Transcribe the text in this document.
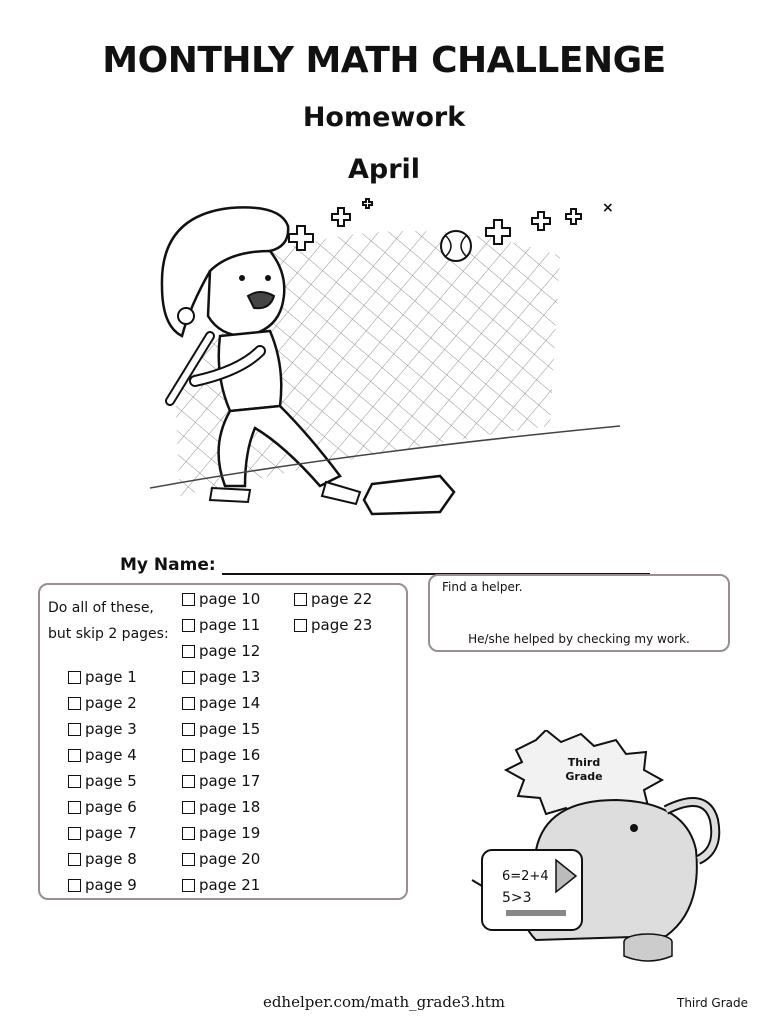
MONTHLY MATH CHALLENGE
Homework
April
×
My Name:
Do all of these,
but skip 2 pages:
page 1
page 2
page 3
page 4
page 5
page 6
page 7
page 8
page 9
page 10
page 11
page 12
page 13
page 14
page 15
page 16
page 17
page 18
page 19
page 20
page 21
page 22
page 23
Find a helper.
He/she helped by checking my work.
Third
Grade
6=2+4
5>3
edhelper.com/math_grade3.htm	Third Grade
